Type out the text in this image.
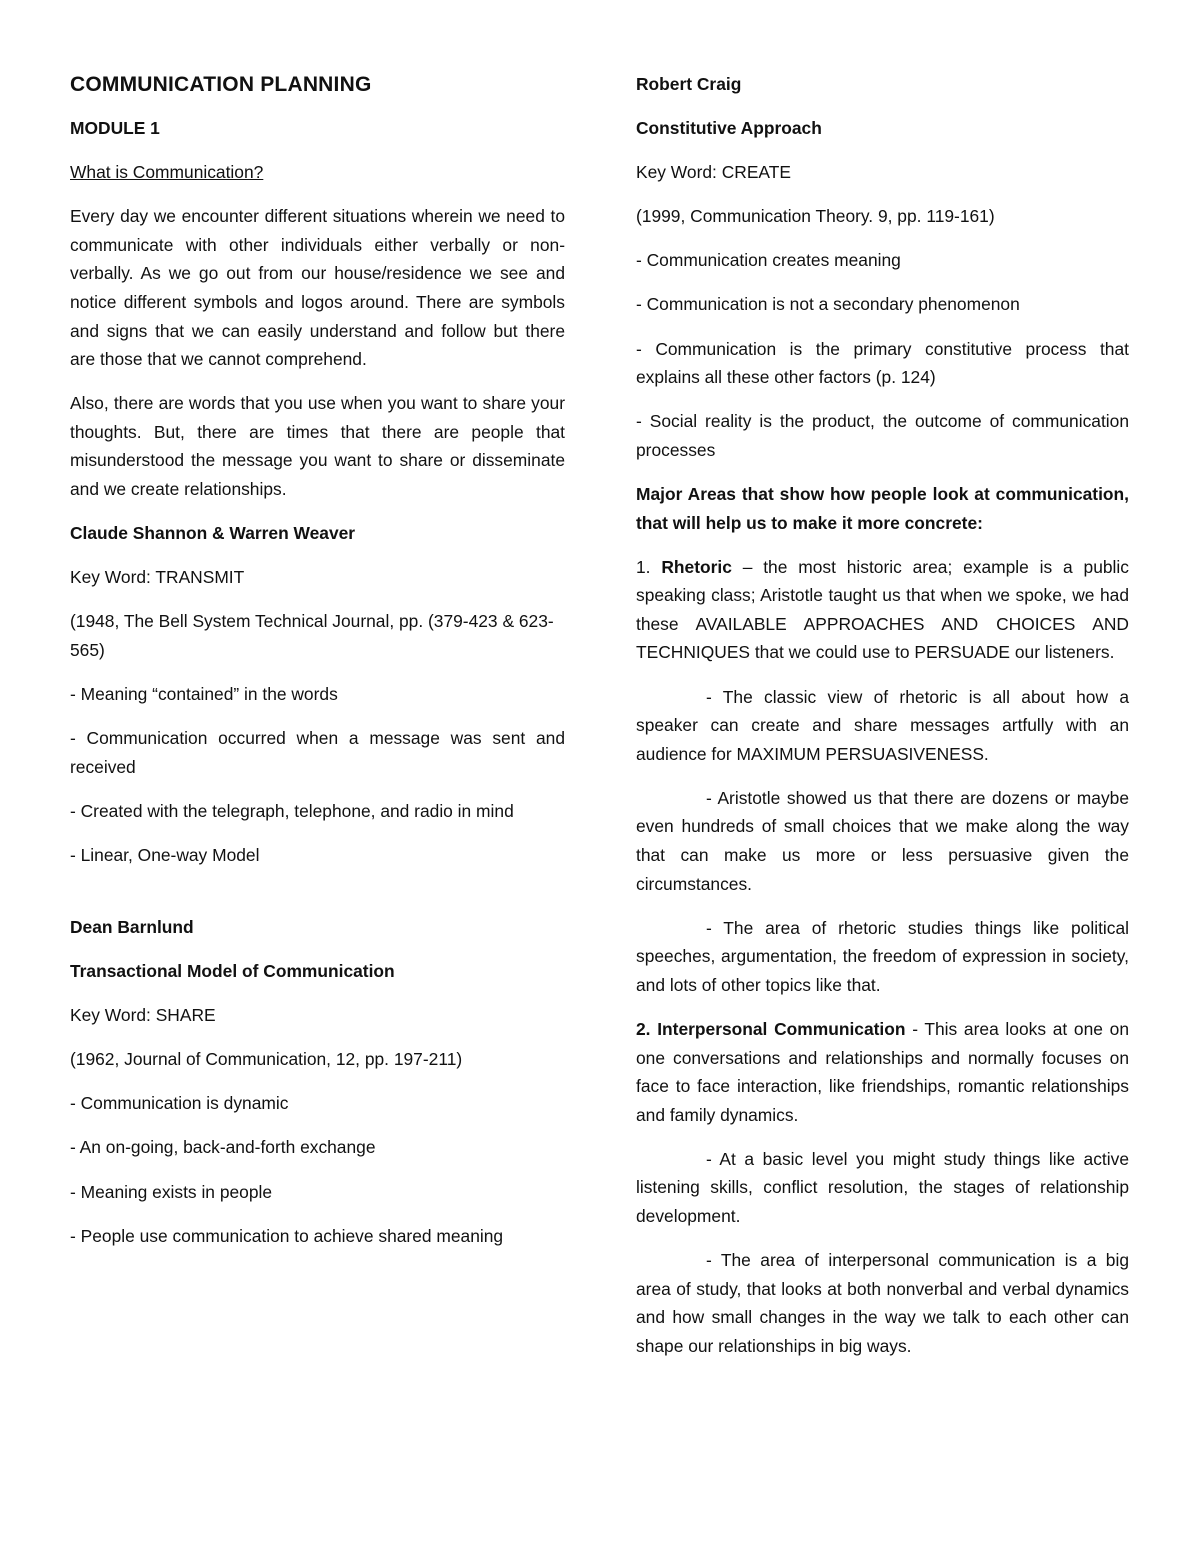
COMMUNICATION PLANNING

MODULE 1

What is Communication?

Every day we encounter different situations wherein we need to communicate with other individuals either verbally or non-verbally. As we go out from our house/residence we see and notice different symbols and logos around. There are symbols and signs that we can easily understand and follow but there are those that we cannot comprehend.

Also, there are words that you use when you want to share your thoughts. But, there are times that there are people that misunderstood the message you want to share or disseminate and we create relationships.

Claude Shannon & Warren Weaver

Key Word: TRANSMIT

(1948, The Bell System Technical Journal, pp. (379-423 & 623-565)

- Meaning “contained” in the words

- Communication occurred when a message was sent and received

- Created with the telegraph, telephone, and radio in mind

- Linear, One-way Model

Dean Barnlund

Transactional Model of Communication

Key Word: SHARE

(1962, Journal of Communication, 12, pp. 197-211)

- Communication is dynamic

- An on-going, back-and-forth exchange

- Meaning exists in people

- People use communication to achieve shared meaning

Robert Craig

Constitutive Approach

Key Word: CREATE

(1999, Communication Theory. 9, pp. 119-161)

- Communication creates meaning

- Communication is not a secondary phenomenon

- Communication is the primary constitutive process that explains all these other factors (p. 124)

- Social reality is the product, the outcome of communication processes

Major Areas that show how people look at communication, that will help us to make it more concrete:

1. Rhetoric – the most historic area; example is a public speaking class; Aristotle taught us that when we spoke, we had these AVAILABLE APPROACHES AND CHOICES AND TECHNIQUES that we could use to PERSUADE our listeners.

- The classic view of rhetoric is all about how a speaker can create and share messages artfully with an audience for MAXIMUM PERSUASIVENESS.

- Aristotle showed us that there are dozens or maybe even hundreds of small choices that we make along the way that can make us more or less persuasive given the circumstances.

- The area of rhetoric studies things like political speeches, argumentation, the freedom of expression in society, and lots of other topics like that.

2. Interpersonal Communication - This area looks at one on one conversations and relationships and normally focuses on face to face interaction, like friendships, romantic relationships and family dynamics.

- At a basic level you might study things like active listening skills, conflict resolution, the stages of relationship development.

- The area of interpersonal communication is a big area of study, that looks at both nonverbal and verbal dynamics and how small changes in the way we talk to each other can shape our relationships in big ways.
